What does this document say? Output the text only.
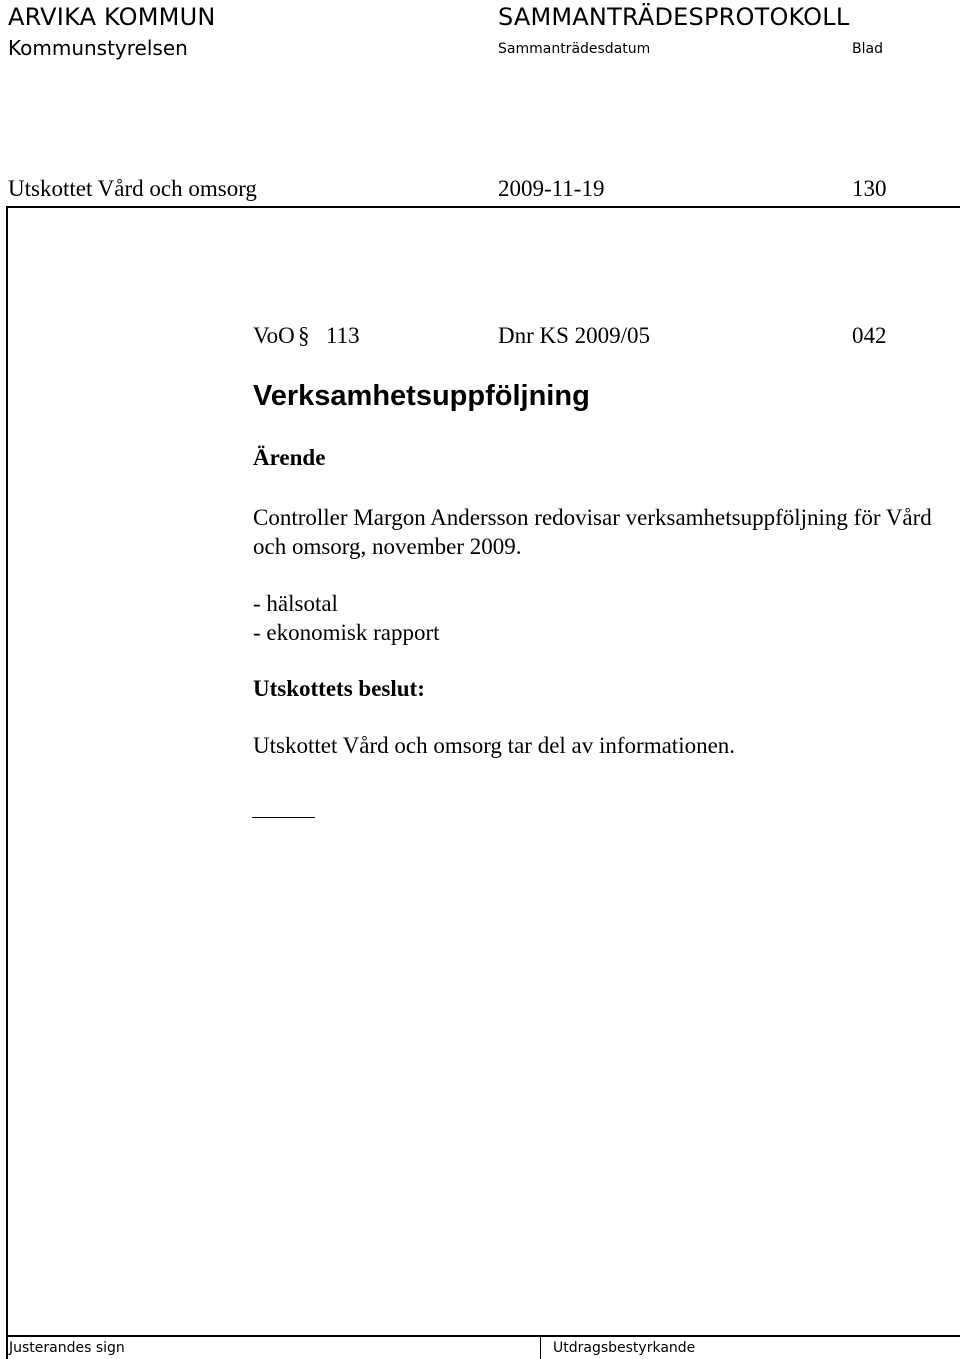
ARVIKA KOMMUN
Kommunstyrelsen
SAMMANTRÄDESPROTOKOLL
Sammanträdesdatum	Blad
Utskottet Vård och omsorg	2009-11-19	130
VoO § 113	Dnr KS 2009/05	042
Verksamhetsuppföljning
Ärende
Controller Margon Andersson redovisar verksamhetsuppföljning för Vård och omsorg, november 2009.
- hälsotal
- ekonomisk rapport
Utskottets beslut:
Utskottet Vård och omsorg tar del av informationen.
Justerandes sign	Utdragsbestyrkande
